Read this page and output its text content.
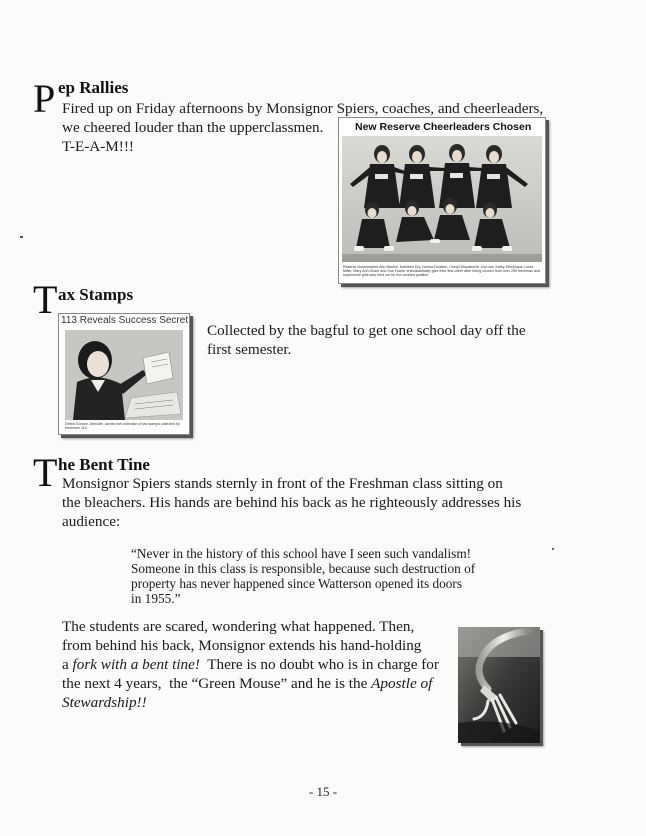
P ep Rallies
Fired up on Friday afternoons by Monsignor Spiers, coaches, and cheerleaders,
we cheered louder than the upperclassmen.
T-E-A-M!!!
New Reserve Cheerleaders Chosen
Reserve cheerleaders Ann Mackin, Kathleen Dry, Norma Dorsline, Cheryl Woodworth. 2nd row: Kathy Strickhaus, Linda Miller, Mary Ann Grace and Sue Fowler enthusiastically give their first cheer after being chosen from over 200 freshman and sophomore girls who tried out for the coveted position.
T ax Stamps
113 Reveals Success Secret
Debra Gordon, Armolite, carries the collection of tax stamps collected by freshmen 113.
Collected by the bagful to get one school day off the
first semester.
T he Bent Tine
Monsignor Spiers stands sternly in front of the Freshman class sitting on
the bleachers. His hands are behind his back as he righteously addresses his
audience:
“Never in the history of this school have I seen such vandalism!
Someone in this class is responsible, because such destruction of
property has never happened since Watterson opened its doors
in 1955.”
The students are scared, wondering what happened. Then,
from behind his back, Monsignor extends his hand-holding
a fork with a bent tine!  There is no doubt who is in charge for
the next 4 years,  the “Green Mouse” and he is the Apostle of
Stewardship!!
- 15 -
